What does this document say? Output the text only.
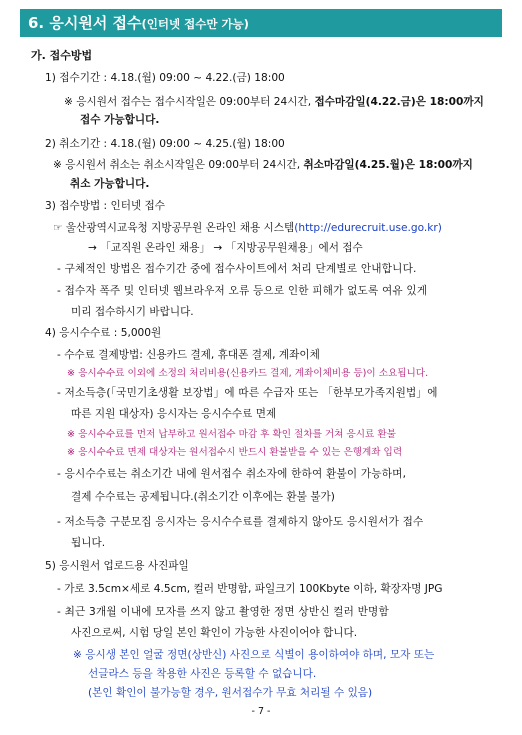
6. 응시원서 접수(인터넷 접수만 가능)
가. 접수방법
1) 접수기간 : 4.18.(월) 09:00 ~ 4.22.(금) 18:00
※ 응시원서 접수는 접수시작일은 09:00부터 24시간, 접수마감일(4.22.금)은 18:00까지
접수 가능합니다.
2) 취소기간 : 4.18.(월) 09:00 ~ 4.25.(월) 18:00
※ 응시원서 취소는 취소시작일은 09:00부터 24시간, 취소마감일(4.25.월)은 18:00까지
취소 가능합니다.
3) 접수방법 : 인터넷 접수
☞ 울산광역시교육청 지방공무원 온라인 채용 시스템(http://edurecruit.use.go.kr)
→ 「교직원 온라인 채용」 → 「지방공무원채용」에서 접수
- 구체적인 방법은 접수기간 중에 접수사이트에서 처리 단계별로 안내합니다.
- 접수자 폭주 및 인터넷 웹브라우저 오류 등으로 인한 피해가 없도록 여유 있게
미리 접수하시기 바랍니다.
4) 응시수수료 : 5,000원
- 수수료 결제방법: 신용카드 결제, 휴대폰 결제, 계좌이체
※ 응시수수료 이외에 소정의 처리비용(신용카드 결제, 계좌이체비용 등)이 소요됩니다.
- 저소득층(「국민기초생활 보장법」에 따른 수급자 또는 「한부모가족지원법」에
따른 지원 대상자) 응시자는 응시수수료 면제
※ 응시수수료를 먼저 납부하고 원서접수 마감 후 확인 절차를 거쳐 응시료 환불
※ 응시수수료 면제 대상자는 원서접수시 반드시 환불받을 수 있는 은행계좌 입력
- 응시수수료는 취소기간 내에 원서접수 취소자에 한하여 환불이 가능하며,
결제 수수료는 공제됩니다.(취소기간 이후에는 환불 불가)
- 저소득층 구분모집 응시자는 응시수수료를 결제하지 않아도 응시원서가 접수
됩니다.
5) 응시원서 업로드용 사진파일
- 가로 3.5cm×세로 4.5cm, 컬러 반명함, 파일크기 100Kbyte 이하, 확장자명 JPG
- 최근 3개월 이내에 모자를 쓰지 않고 촬영한 정면 상반신 컬러 반명함
사진으로써, 시험 당일 본인 확인이 가능한 사진이어야 합니다.
※ 응시생 본인 얼굴 정면(상반신) 사진으로 식별이 용이하여야 하며, 모자 또는
선글라스 등을 착용한 사진은 등록할 수 없습니다.
(본인 확인이 불가능할 경우, 원서접수가 무효 처리될 수 있음)
- 7 -
